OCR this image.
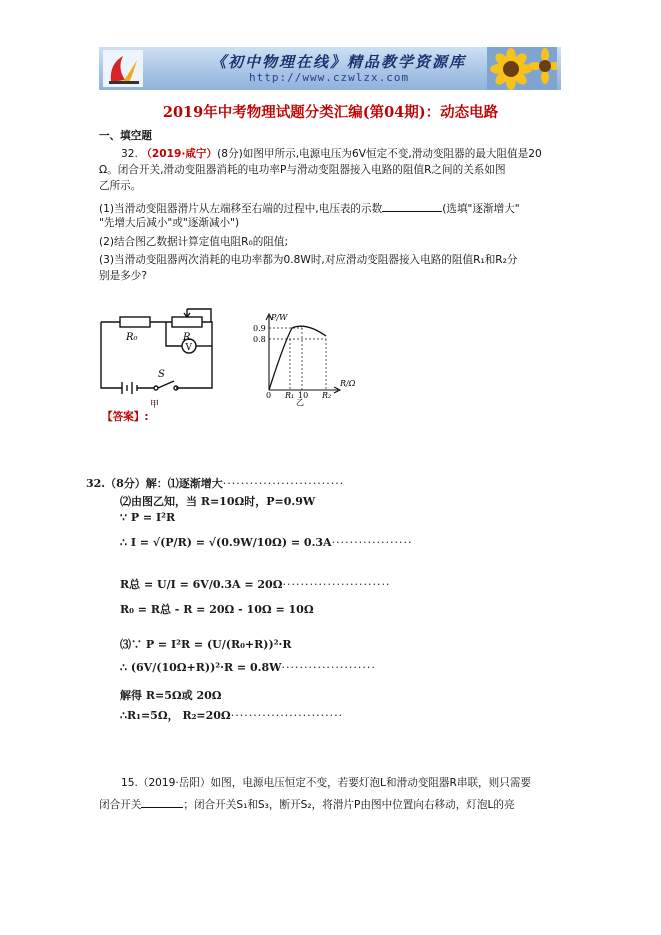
《初中物理在线》精品教学资源库
http://www.czwlzx.com
2019年中考物理试题分类汇编(第04期)：动态电路
一、填空题
32. （2019·咸宁）(8分)如图甲所示,电源电压为6V恒定不变,滑动变阻器的最大阻值是20
Ω。闭合开关,滑动变阻器消耗的电功率P与滑动变阻器接入电路的阻值R之间的关系如图
乙所示。
(1)当滑动变阻器滑片从左端移至右端的过程中,电压表的示数	(选填"逐渐增大"
"先增大后减小"或"逐渐减小")
(2)结合图乙数据计算定值电阻R₀的阻值;
(3)当滑动变阻器两次消耗的电功率都为0.8W时,对应滑动变阻器接入电路的阻值R₁和R₂分
别是多少?
R₀	R
V
S
甲
P/W
R/Ω
0.9
0.8
0 R₁ 10 R₂
乙
【答案】:
32.（8分）解：⑴逐渐增大···························
⑵由图乙知，当 R=10Ω时，P=0.9W
∵ P = I²R
∴ I = √(P/R) = √(0.9W/10Ω) = 0.3A··················
R总 = U/I = 6V/0.3A = 20Ω························
R₀ = R总 - R = 20Ω - 10Ω = 10Ω
⑶∵ P = I²R = (U/(R₀+R))²·R
∴ (6V/(10Ω+R))²·R = 0.8W·····················
解得 R=5Ω或 20Ω
∴R₁=5Ω， R₂=20Ω·························
15.（2019·岳阳）如图，电源电压恒定不变，若要灯泡L和滑动变阻器R串联，则只需要
闭合开关	；闭合开关S₁和S₃，断开S₂，将滑片P由图中位置向右移动，灯泡L的亮
